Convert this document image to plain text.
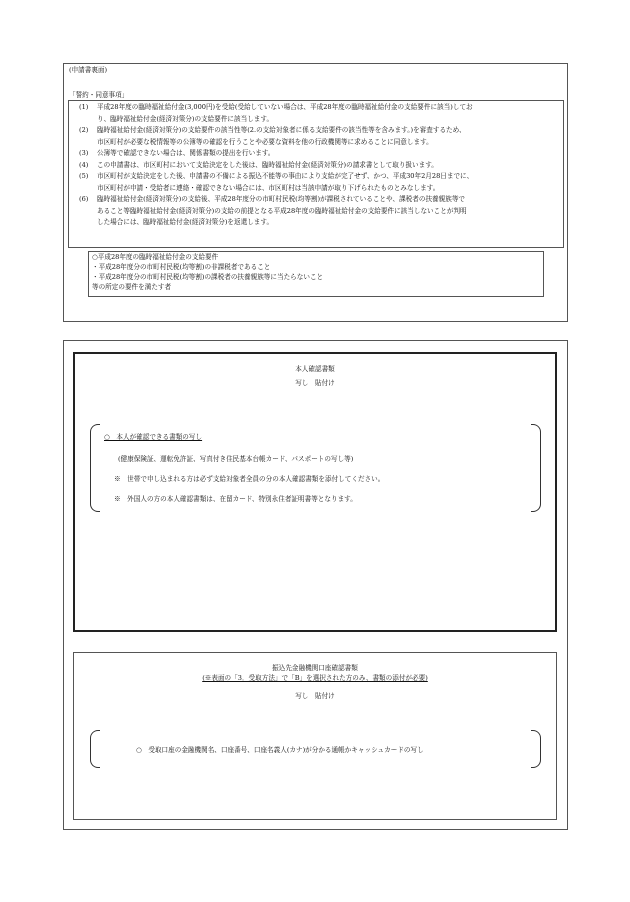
(申請書裏面)
「誓約・同意事項」
(1) 平成28年度の臨時福祉給付金(3,000円)を受給(受給していない場合は、平成28年度の臨時福祉給付金の支給要件に該当)してお
り、臨時福祉給付金(経済対策分)の支給要件に該当します。
(2) 臨時福祉給付金(経済対策分)の支給要件の該当性等(2.の支給対象者に係る支給要件の該当性等を含みます。)を審査するため、
市区町村が必要な税情報等の公簿等の確認を行うことや必要な資料を他の行政機関等に求めることに同意します。
(3) 公簿等で確認できない場合は、関係書類の提出を行います。
(4) この申請書は、市区町村において支給決定をした後は、臨時福祉給付金(経済対策分)の請求書として取り扱います。
(5) 市区町村が支給決定をした後、申請書の不備による振込不能等の事由により支給が完了せず、かつ、平成30年2月28日までに、
市区町村が申請・受給者に連絡・確認できない場合には、市区町村は当該申請が取り下げられたものとみなします。
(6) 臨時福祉給付金(経済対策分)の支給後、平成28年度分の市町村民税(均等割)が課税されていることや、課税者の扶養親族等で
あること等臨時福祉給付金(経済対策分)の支給の前提となる平成28年度の臨時福祉給付金の支給要件に該当しないことが判明
した場合には、臨時福祉給付金(経済対策分)を返還します。
○平成28年度の臨時福祉給付金の支給要件
・平成28年度分の市町村民税(均等割)の非課税者であること
・平成28年度分の市町村民税(均等割)の課税者の扶養親族等に当たらないこと
等の所定の要件を満たす者
本人確認書類
写し　貼付け
○　本人が確認できる書類の写し
(健康保険証、運転免許証、写真付き住民基本台帳カード、パスポートの写し等)
※　世帯で申し込まれる方は必ず支給対象者全員の分の本人確認書類を添付してください。
※　外国人の方の本人確認書類は、在留カード、特別永住者証明書等となります。
振込先金融機関口座確認書類
(※表面の「3．受取方法」で「B」を選択された方のみ、書類の添付が必要)
写し　貼付け
○　受取口座の金融機関名、口座番号、口座名義人(カナ)が分かる通帳かキャッシュカードの写し
